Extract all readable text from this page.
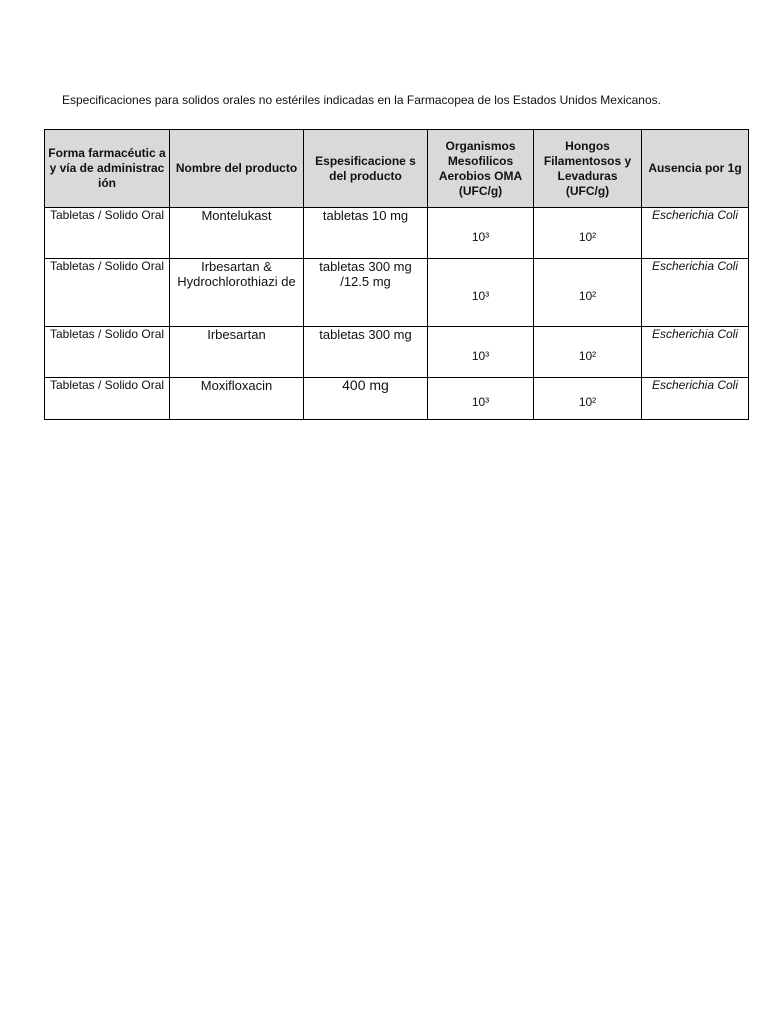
Especificaciones para solidos orales no estériles indicadas en la Farmacopea de los Estados Unidos Mexicanos.

Forma farmacéutic a y vía de administrac ión	Nombre del producto	Espesificacione s del producto	Organismos Mesofilicos Aerobios OMA (UFC/g)	Hongos Filamentosos y Levaduras (UFC/g)	Ausencia por 1g
Tabletas / Solido Oral	Montelukast	tabletas 10 mg	10³	10²	Escherichia Coli
Tabletas / Solido Oral	Irbesartan & Hydrochlorothiazi de	tabletas 300 mg /12.5 mg	10³	10²	Escherichia Coli
Tabletas / Solido Oral	Irbesartan	tabletas 300 mg	10³	10²	Escherichia Coli
Tabletas / Solido Oral	Moxifloxacin	400 mg	10³	10²	Escherichia Coli
